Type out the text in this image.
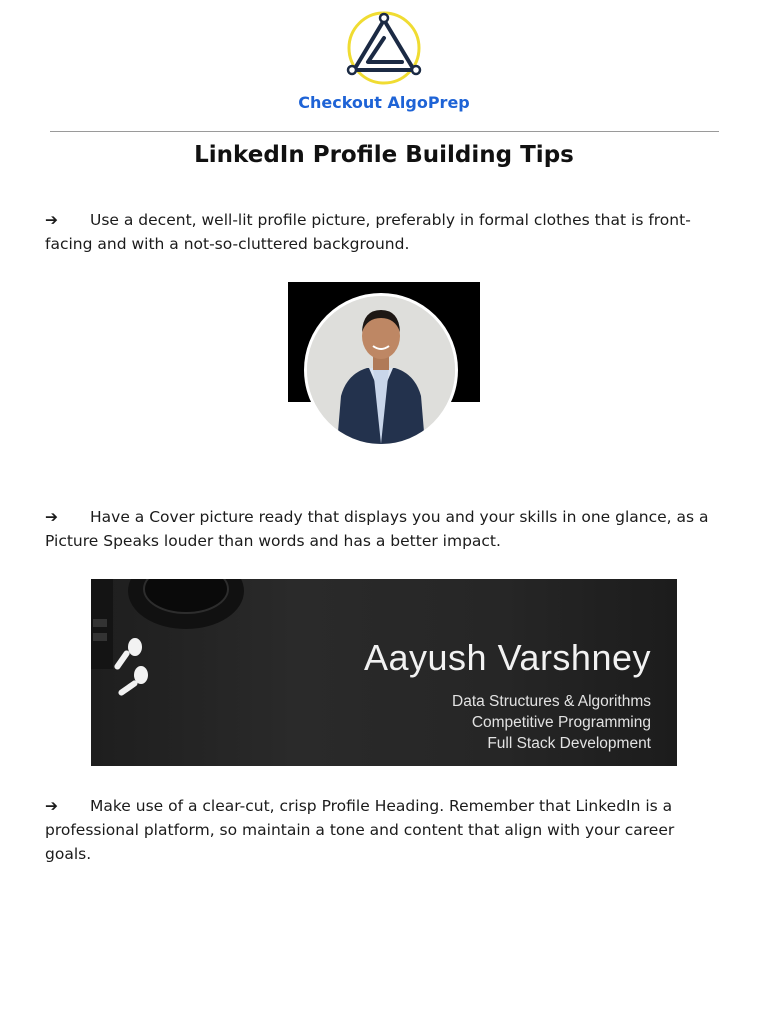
Checkout AlgoPrep
LinkedIn Profile Building Tips

➔ Use a decent, well-lit profile picture, preferably in formal clothes that is front-facing and with a not-so-cluttered background.

➔ Have a Cover picture ready that displays you and your skills in one glance, as a Picture Speaks louder than words and has a better impact.

Aayush Varshney

Data Structures & Algorithms

Competitive Programming

Full Stack Development

➔ Make use of a clear-cut, crisp Profile Heading. Remember that LinkedIn is a professional platform, so maintain a tone and content that align with your career goals.
